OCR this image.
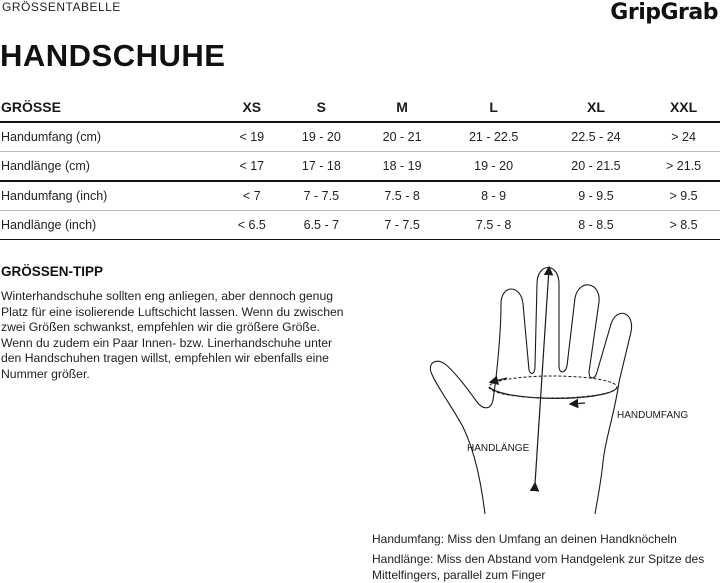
GRÖSSENTABELLE	GripGrab
HANDSCHUHE
GRÖSSE	XS	S	M	L	XL	XXL
Handumfang (cm)	< 19	19 - 20	20 - 21	21 - 22.5	22.5 - 24	> 24
Handlänge (cm)	< 17	17 - 18	18 - 19	19 - 20	20 - 21.5	> 21.5
Handumfang (inch)	< 7	7 - 7.5	7.5 - 8	8 - 9	9 - 9.5	> 9.5
Handlänge (inch)	< 6.5	6.5 - 7	7 - 7.5	7.5 - 8	8 - 8.5	> 8.5
GRÖSSEN-TIPP

Winterhandschuhe sollten eng anliegen, aber dennoch genug Platz für eine isolierende Luftschicht lassen. Wenn du zwischen zwei Größen schwankst, empfehlen wir die größere Größe. Wenn du zudem ein Paar Innen- bzw. Linerhandschuhe unter den Handschuhen tragen willst, empfehlen wir ebenfalls eine Nummer größer.

HANDUMFANG
HANDLÄNGE

Handumfang: Miss den Umfang an deinen Handknöcheln

Handlänge: Miss den Abstand vom Handgelenk zur Spitze des Mittelfingers, parallel zum Finger
